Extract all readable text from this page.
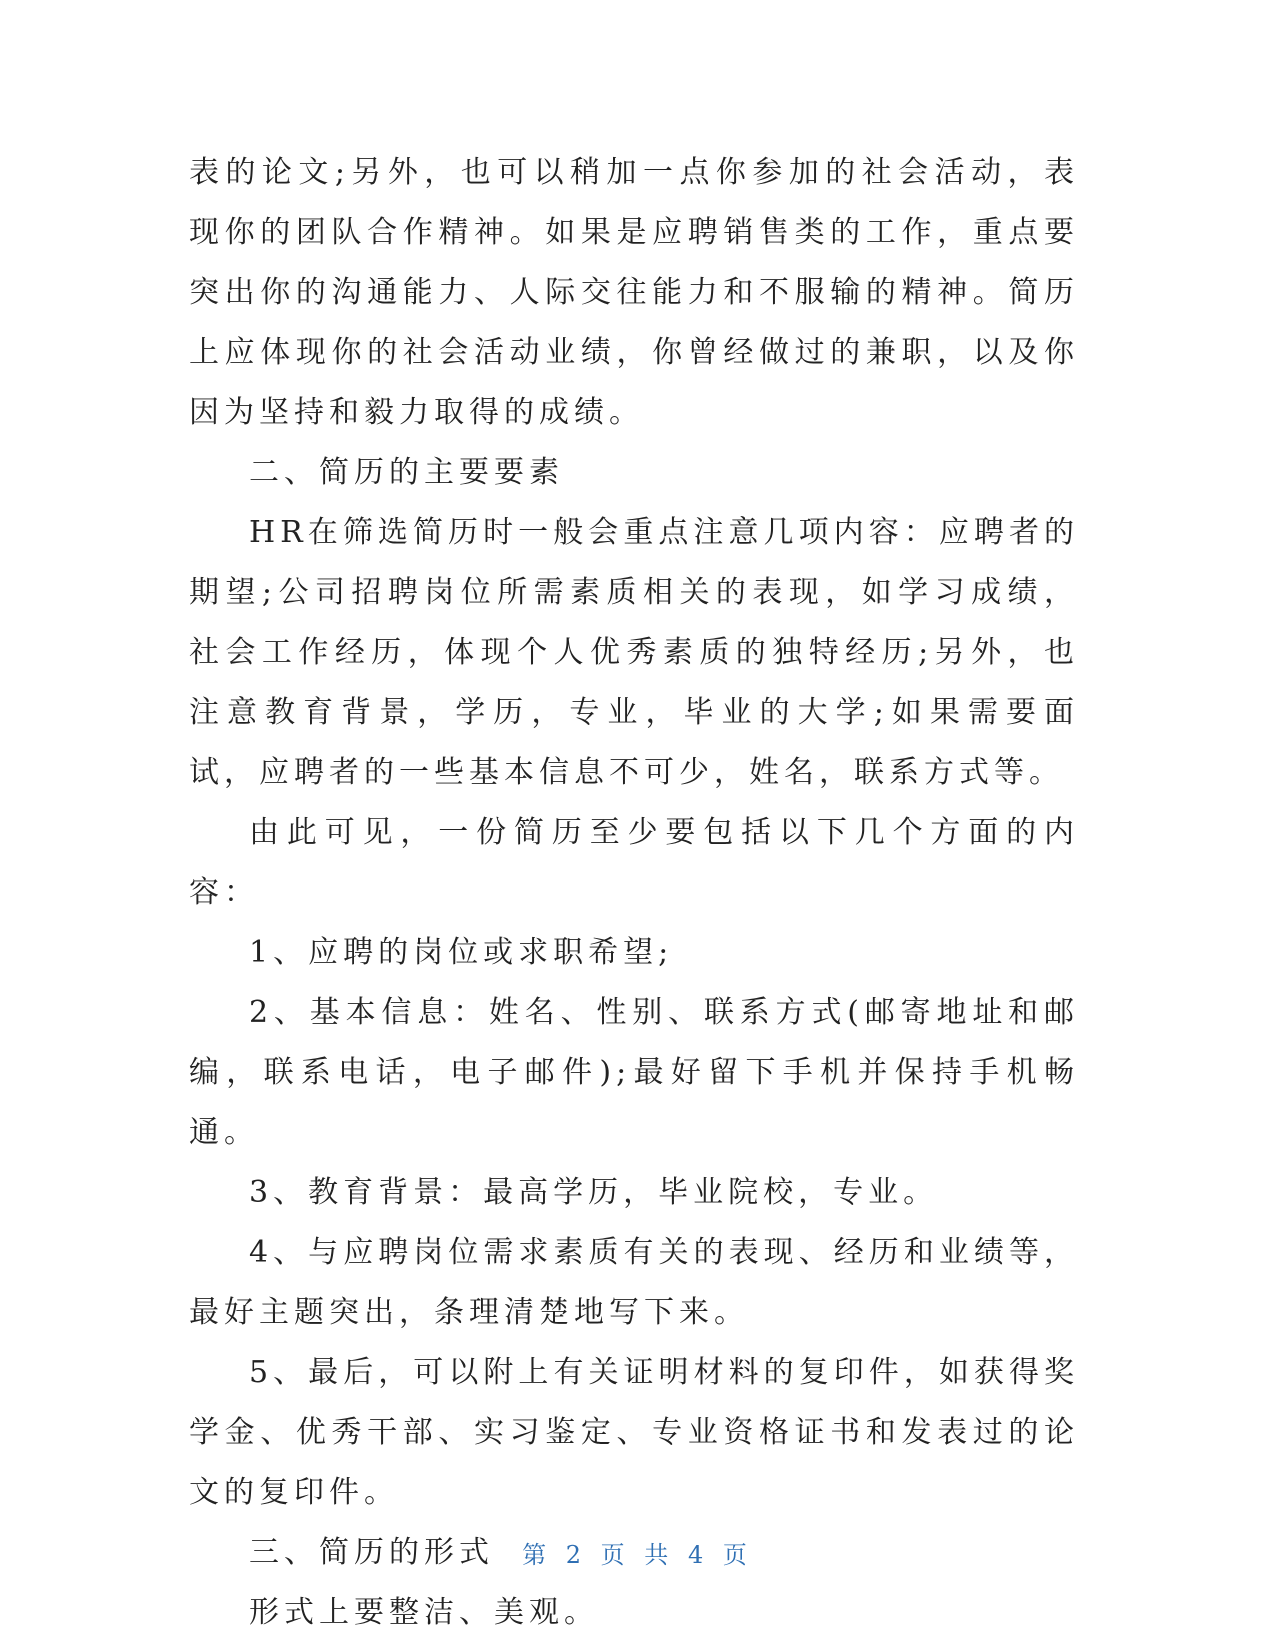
表的论文;另外，也可以稍加一点你参加的社会活动，表现你的团队合作精神。如果是应聘销售类的工作，重点要突出你的沟通能力、人际交往能力和不服输的精神。简历上应体现你的社会活动业绩，你曾经做过的兼职，以及你因为坚持和毅力取得的成绩。

二、简历的主要要素

HR在筛选简历时一般会重点注意几项内容：应聘者的期望;公司招聘岗位所需素质相关的表现，如学习成绩，社会工作经历，体现个人优秀素质的独特经历;另外，也注意教育背景，学历，专业，毕业的大学;如果需要面试，应聘者的一些基本信息不可少，姓名，联系方式等。

由此可见，一份简历至少要包括以下几个方面的内容：

1、应聘的岗位或求职希望;

2、基本信息：姓名、性别、联系方式(邮寄地址和邮编，联系电话，电子邮件);最好留下手机并保持手机畅通。

3、教育背景：最高学历，毕业院校，专业。

4、与应聘岗位需求素质有关的表现、经历和业绩等，最好主题突出，条理清楚地写下来。

5、最后，可以附上有关证明材料的复印件，如获得奖学金、优秀干部、实习鉴定、专业资格证书和发表过的论文的复印件。

三、简历的形式

形式上要整洁、美观。

第 2 页 共 4 页
